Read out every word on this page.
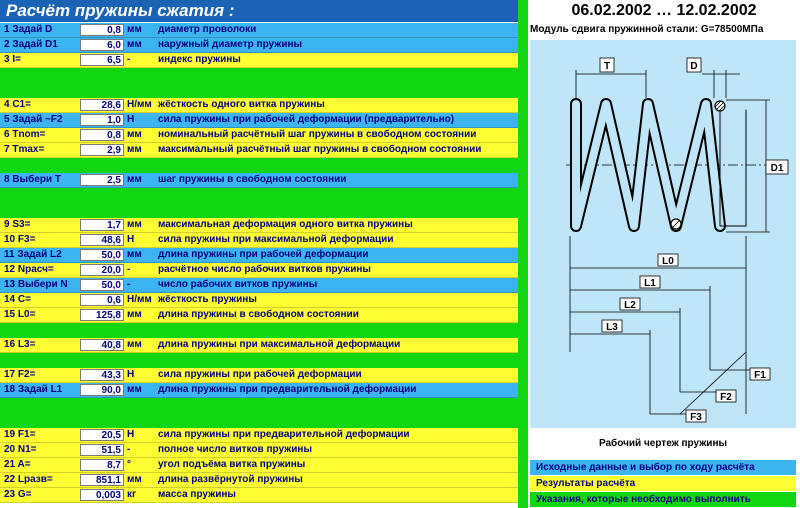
Расчёт пружины сжатия :
1 Задай D	0,8 мм диаметр проволоки
2 Задай D1	6,0 мм наружный диаметр пружины
3 I=	6,5 -	индекс пружины
4 C1=	28,6 Н/мм жёсткость одного витка пружины
5 Задай ~F2	1,0 Н сила пружины при рабочей деформации (предварительно)
6 Tnom=	0,8 мм номинальный расчётный шаг пружины в свободном состоянии
7 Tmax=	2,9 мм максимальный расчётный шаг пружины в свободном состоянии
8 Выбери T	2,5 мм шаг пружины в свободном состоянии
9 S3=	1,7 мм максимальная деформация одного витка пружины
10 F3=	48,6 Н сила пружины при максимальной деформации
11 Задай L2	50,0 мм длина пружины при рабочей деформации
12 Nрасч=	20,0 -	расчётное число рабочих витков пружины
13 Выбери N	50,0 -	число рабочих витков пружины
14 C=	0,6 Н/мм жёсткость пружины
15 L0=	125,8 мм длина пружины в свободном состоянии
16 L3=	40,8 мм длина пружины при максимальной деформации
17 F2=	43,3 Н сила пружины при рабочей деформации
18 Задай L1	90,0 мм длина пружины при предварительной деформации
19 F1=	20,5 Н сила пружины при предварительной деформации
20 N1=	51,5 -	полное число витков пружины
21 A=	8,7 °	угол подъёма витка пружины
22 Lразв=	851,1 мм длина развёрнутой пружины
23 G=	0,003 кг масса пружины
06.02.2002 … 12.02.2002
Модуль сдвига пружинной стали: G=78500МПа
T	D
D1
L0
L1
L2
L3
F1
F2
F3
Рабочий чертеж пружины
Исходные данные и выбор по ходу расчёта
Результаты расчёта
Указания, которые необходимо выполнить
